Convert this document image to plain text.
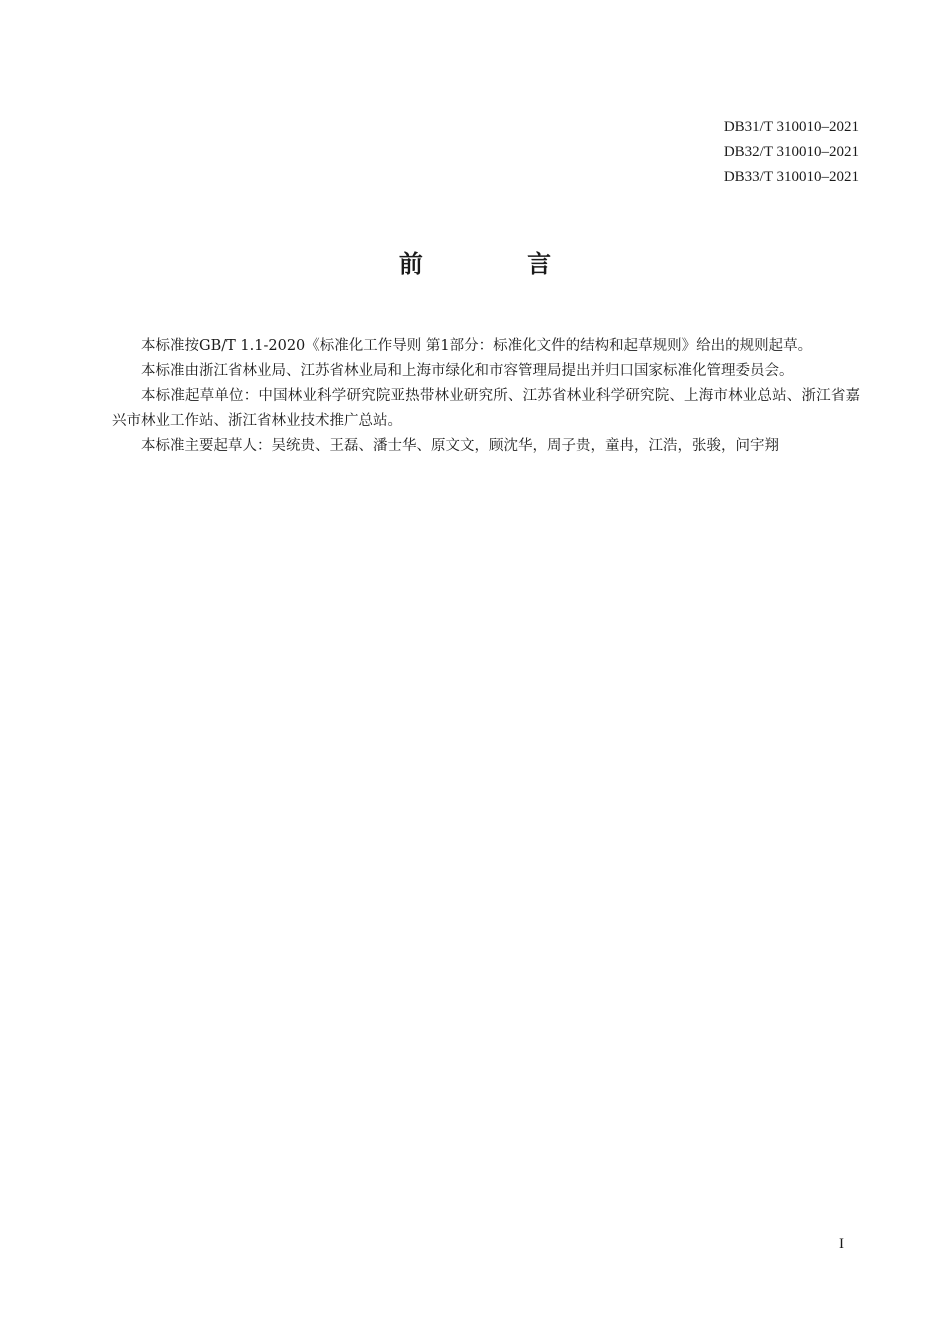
DB31/T 310010–2021
DB32/T 310010–2021
DB33/T 310010–2021
前 言

本标准按GB/T 1.1-2020《标准化工作导则 第1部分：标准化文件的结构和起草规则》给出的规则起草。

本标准由浙江省林业局、江苏省林业局和上海市绿化和市容管理局提出并归口国家标准化管理委员会。

本标准起草单位：中国林业科学研究院亚热带林业研究所、江苏省林业科学研究院、上海市林业总站、浙江省嘉兴市林业工作站、浙江省林业技术推广总站。

本标准主要起草人：吴统贵、王磊、潘士华、原文文，顾沈华，周子贵，童冉，江浩，张骏，问宇翔

I
